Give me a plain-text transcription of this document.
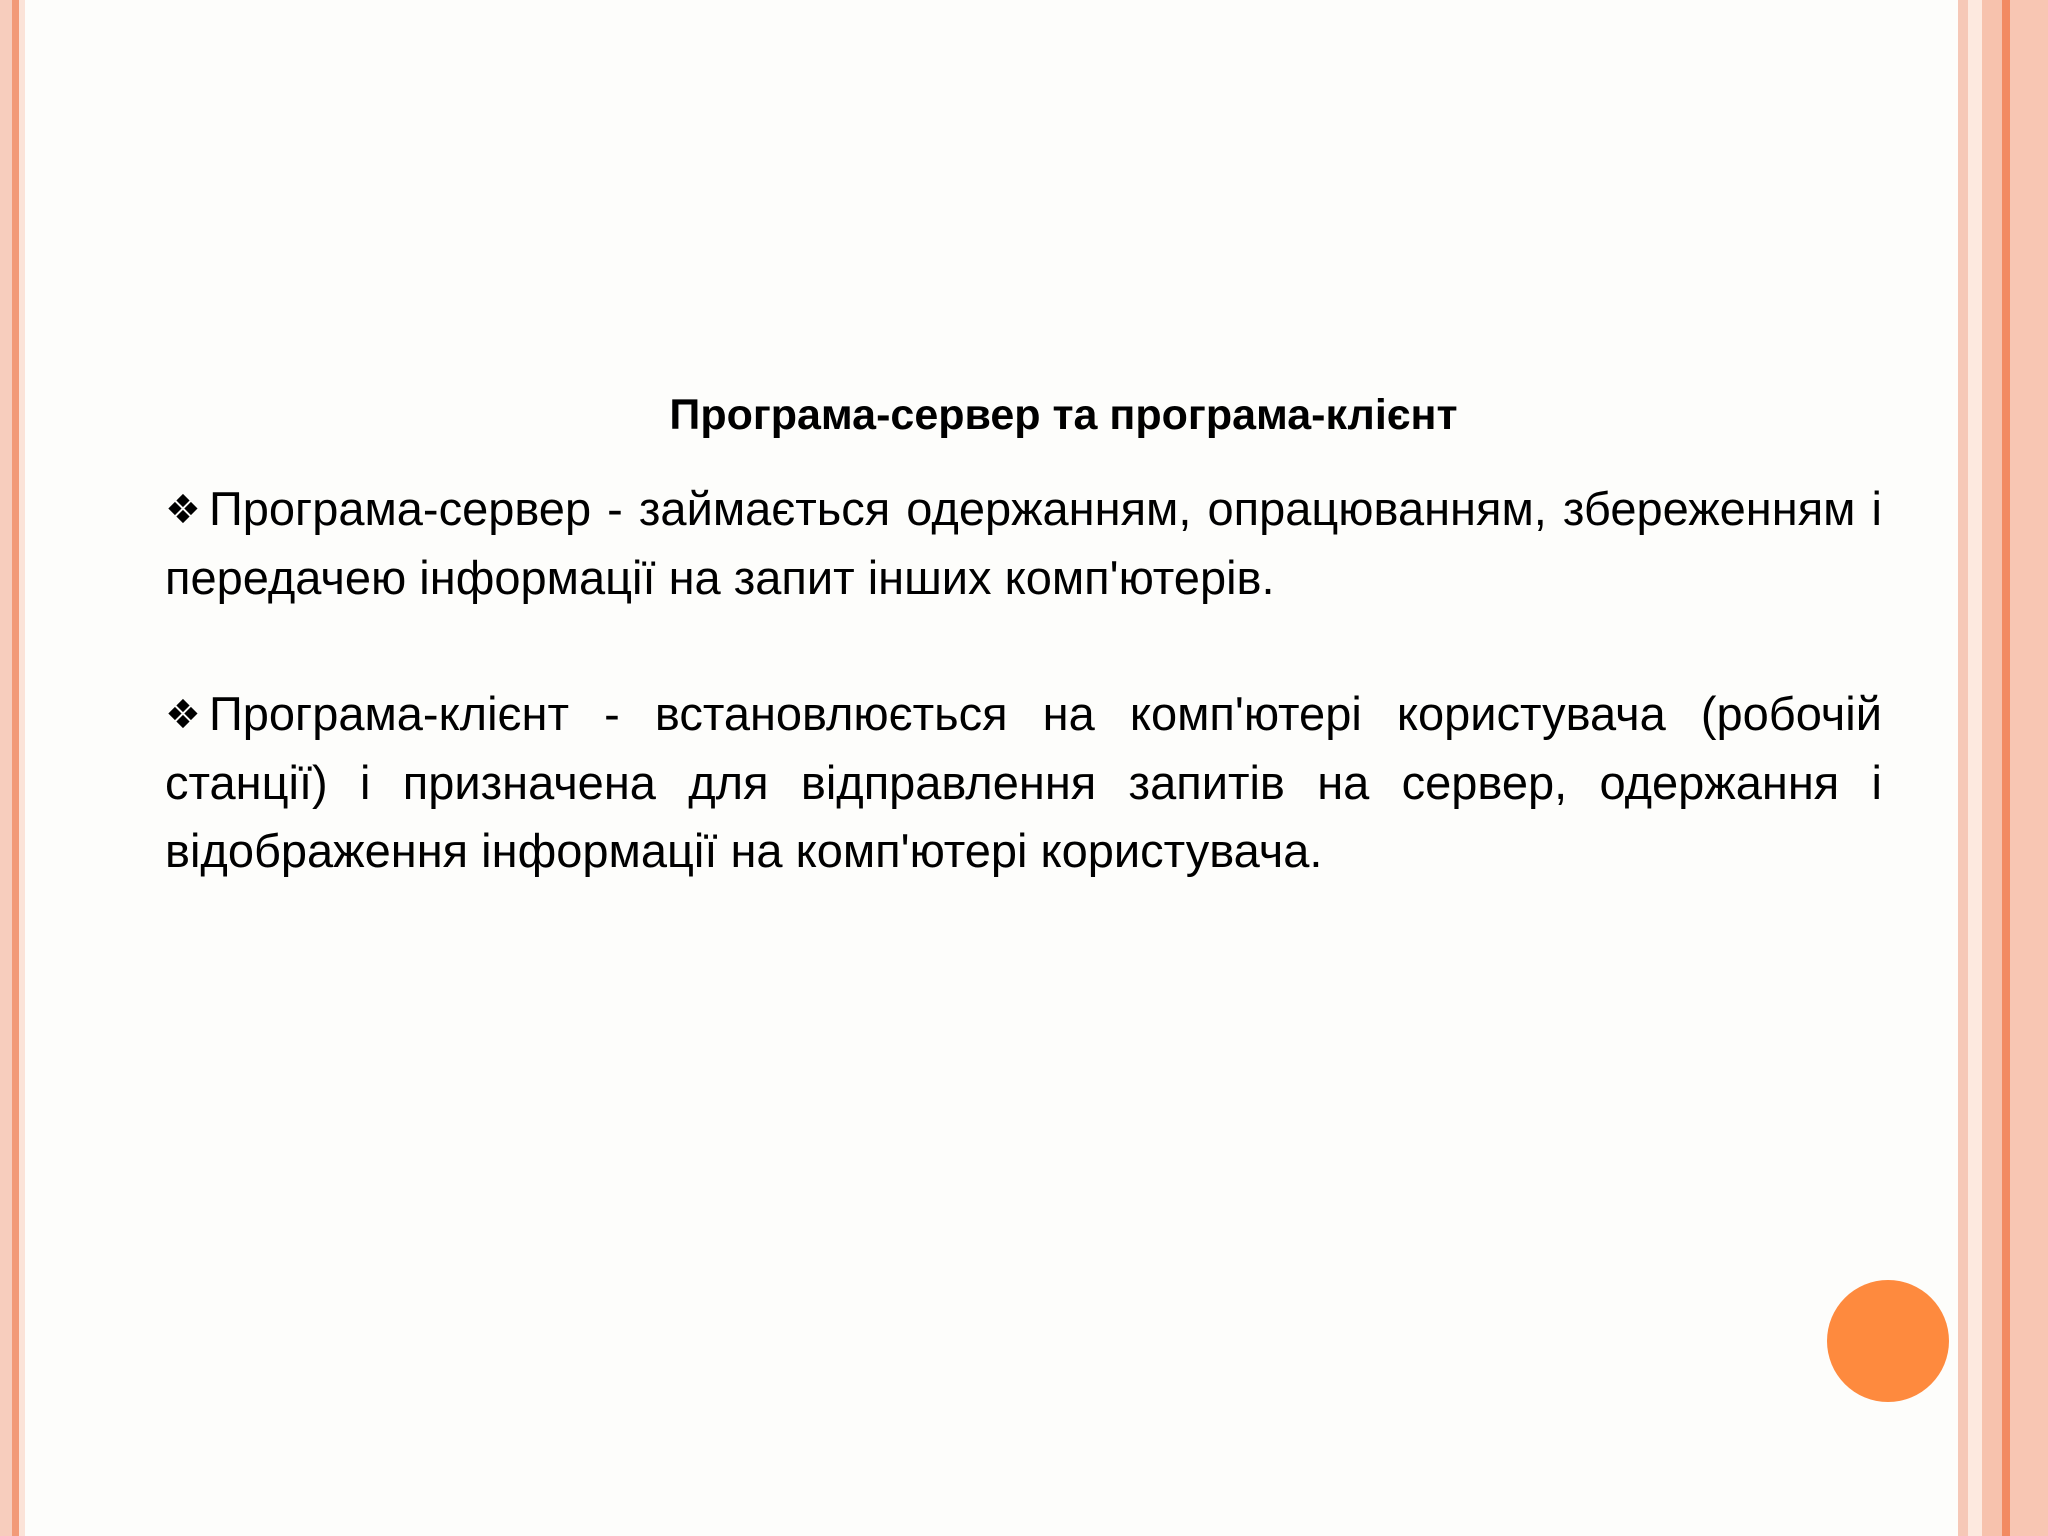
Програма-сервер та програма-клієнт

❖ Програма-сервер - займається одержанням, опрацюванням, збереженням і передачею інформації на запит інших комп'ютерів.

❖ Програма-клієнт - встановлюється на комп'ютері користувача (робочій станції) і призначена для відправлення запитів на сервер, одержання і відображення інформації на комп'ютері користувача.
